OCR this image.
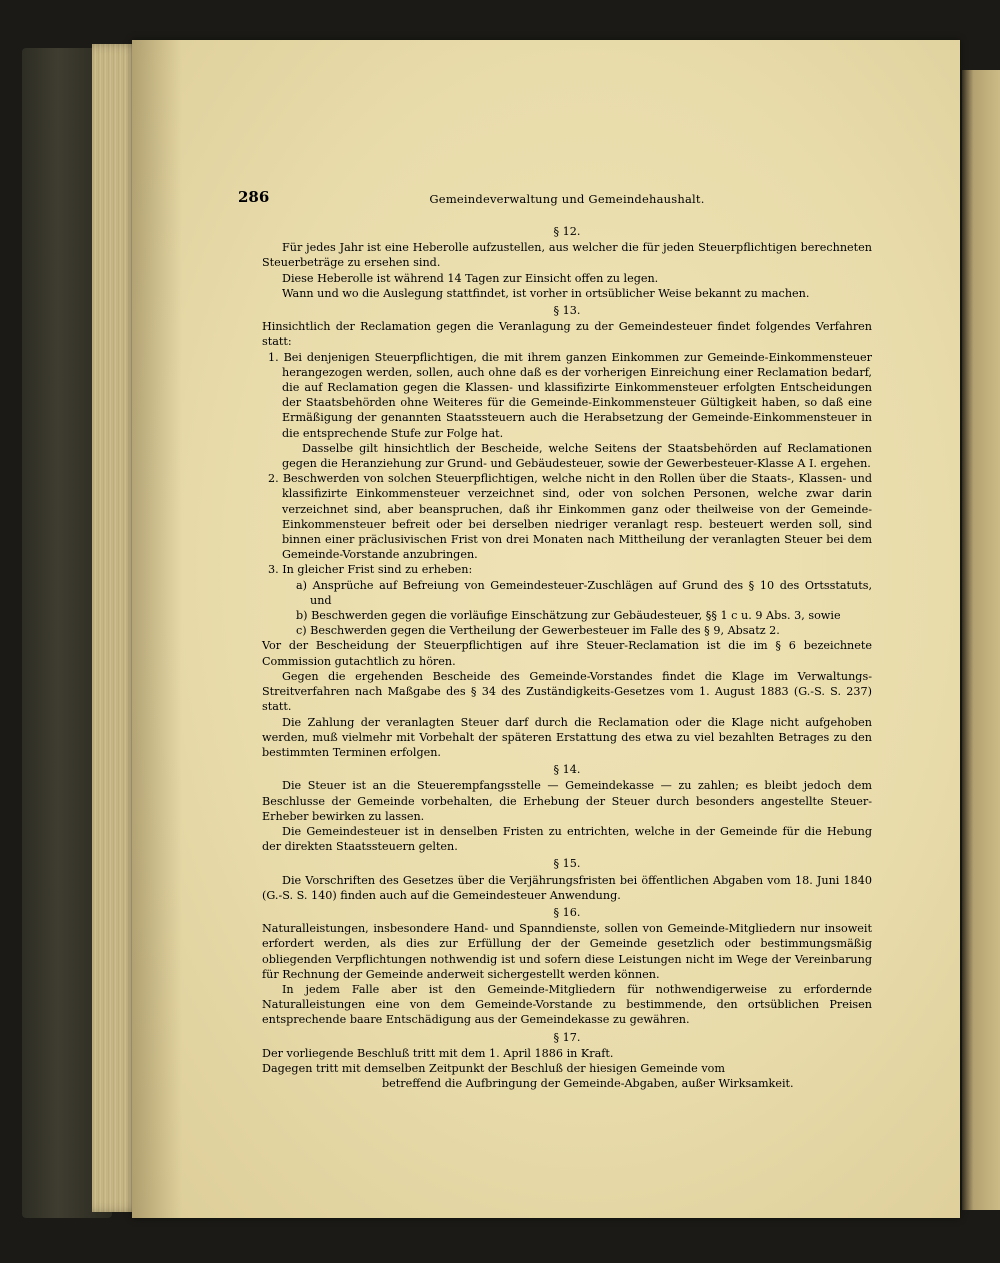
286	Gemeindeverwaltung und Gemeindehaushalt.
§ 12.

Für jedes Jahr ist eine Heberolle aufzustellen, aus welcher die für jeden Steuerpflichtigen berechneten Steuerbeträge zu ersehen sind.

Diese Heberolle ist während 14 Tagen zur Einsicht offen zu legen.

Wann und wo die Auslegung stattfindet, ist vorher in ortsüblicher Weise bekannt zu machen.

§ 13.

Hinsichtlich der Reclamation gegen die Veranlagung zu der Gemeindesteuer findet folgendes Verfahren statt:

1. Bei denjenigen Steuerpflichtigen, die mit ihrem ganzen Einkommen zur Gemeinde-Einkommensteuer herangezogen werden, sollen, auch ohne daß es der vorherigen Einreichung einer Reclamation bedarf, die auf Reclamation gegen die Klassen- und klassifizirte Einkommensteuer erfolgten Entscheidungen der Staatsbehörden ohne Weiteres für die Gemeinde-Einkommensteuer Gültigkeit haben, so daß eine Ermäßigung der genannten Staatssteuern auch die Herabsetzung der Gemeinde-Einkommensteuer in die entsprechende Stufe zur Folge hat.

Dasselbe gilt hinsichtlich der Bescheide, welche Seitens der Staatsbehörden auf Reclamationen gegen die Heranziehung zur Grund- und Gebäudesteuer, sowie der Gewerbesteuer-Klasse A I. ergehen.

2. Beschwerden von solchen Steuerpflichtigen, welche nicht in den Rollen über die Staats-, Klassen- und klassifizirte Einkommensteuer verzeichnet sind, oder von solchen Personen, welche zwar darin verzeichnet sind, aber beanspruchen, daß ihr Einkommen ganz oder theilweise von der Gemeinde-Einkommensteuer befreit oder bei derselben niedriger veranlagt resp. besteuert werden soll, sind binnen einer präclusivischen Frist von drei Monaten nach Mittheilung der veranlagten Steuer bei dem Gemeinde-Vorstande anzubringen.

3. In gleicher Frist sind zu erheben:

a) Ansprüche auf Befreiung von Gemeindesteuer-Zuschlägen auf Grund des § 10 des Ortsstatuts, und

b) Beschwerden gegen die vorläufige Einschätzung zur Gebäudesteuer, §§ 1 c u. 9 Abs. 3, sowie

c) Beschwerden gegen die Vertheilung der Gewerbesteuer im Falle des § 9, Absatz 2.

Vor der Bescheidung der Steuerpflichtigen auf ihre Steuer-Reclamation ist die im § 6 bezeichnete Commission gutachtlich zu hören.

Gegen die ergehenden Bescheide des Gemeinde-Vorstandes findet die Klage im Verwaltungs-Streitverfahren nach Maßgabe des § 34 des Zuständigkeits-Gesetzes vom 1. August 1883 (G.-S. S. 237) statt.

Die Zahlung der veranlagten Steuer darf durch die Reclamation oder die Klage nicht aufgehoben werden, muß vielmehr mit Vorbehalt der späteren Erstattung des etwa zu viel bezahlten Betrages zu den bestimmten Terminen erfolgen.

§ 14.

Die Steuer ist an die Steuerempfangsstelle — Gemeindekasse — zu zahlen; es bleibt jedoch dem Beschlusse der Gemeinde vorbehalten, die Erhebung der Steuer durch besonders angestellte Steuer-Erheber bewirken zu lassen.

Die Gemeindesteuer ist in denselben Fristen zu entrichten, welche in der Gemeinde für die Hebung der direkten Staatssteuern gelten.

§ 15.

Die Vorschriften des Gesetzes über die Verjährungsfristen bei öffentlichen Abgaben vom 18. Juni 1840 (G.-S. S. 140) finden auch auf die Gemeindesteuer Anwendung.

§ 16.

Naturalleistungen, insbesondere Hand- und Spanndienste, sollen von Gemeinde-Mitgliedern nur insoweit erfordert werden, als dies zur Erfüllung der der Gemeinde gesetzlich oder bestimmungsmäßig obliegenden Verpflichtungen nothwendig ist und sofern diese Leistungen nicht im Wege der Vereinbarung für Rechnung der Gemeinde anderweit sichergestellt werden können.

In jedem Falle aber ist den Gemeinde-Mitgliedern für nothwendigerweise zu erfordernde Naturalleistungen eine von dem Gemeinde-Vorstande zu bestimmende, den ortsüblichen Preisen entsprechende baare Entschädigung aus der Gemeindekasse zu gewähren.

§ 17.

Der vorliegende Beschluß tritt mit dem 1. April 1886 in Kraft.

Dagegen tritt mit demselben Zeitpunkt der Beschluß der hiesigen Gemeinde vom

betreffend die Aufbringung der Gemeinde-Abgaben, außer Wirksamkeit.
